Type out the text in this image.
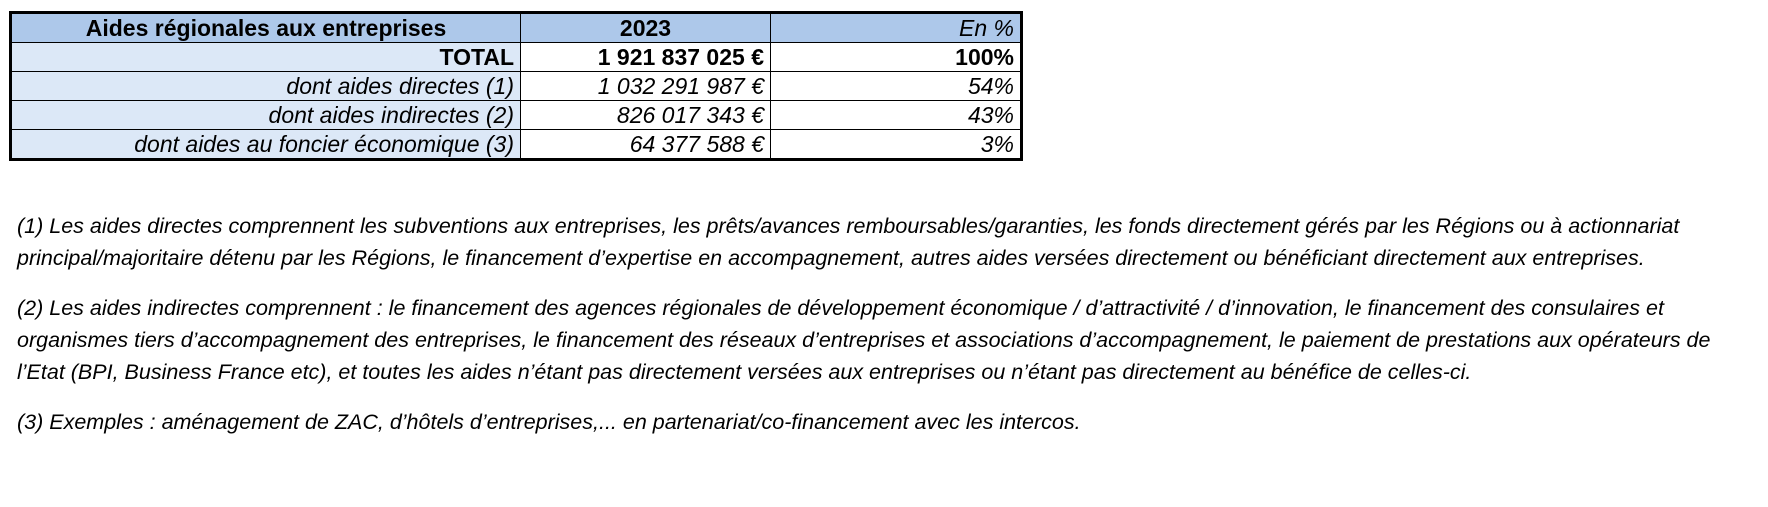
Aides régionales aux entreprises	2023	En %
TOTAL	1 921 837 025 €	100%
dont aides directes (1)	1 032 291 987 €	54%
dont aides indirectes (2)	826 017 343 €	43%
dont aides au foncier économique (3)	64 377 588 €	3%

(1) Les aides directes comprennent les subventions aux entreprises, les prêts/avances remboursables/garanties, les fonds directement gérés par les Régions ou à actionnariat principal/majoritaire détenu par les Régions, le financement d’expertise en accompagnement, autres aides versées directement ou bénéficiant directement aux entreprises.

(2) Les aides indirectes comprennent : le financement des agences régionales de développement économique / d’attractivité / d’innovation, le financement des consulaires et organismes tiers d’accompagnement des entreprises, le financement des réseaux d’entreprises et associations d’accompagnement, le paiement de prestations aux opérateurs de l’Etat (BPI, Business France etc), et toutes les aides n’étant pas directement versées aux entreprises ou n’étant pas directement au bénéfice de celles-ci.

(3) Exemples : aménagement de ZAC, d’hôtels d’entreprises,... en partenariat/co-financement avec les intercos.
